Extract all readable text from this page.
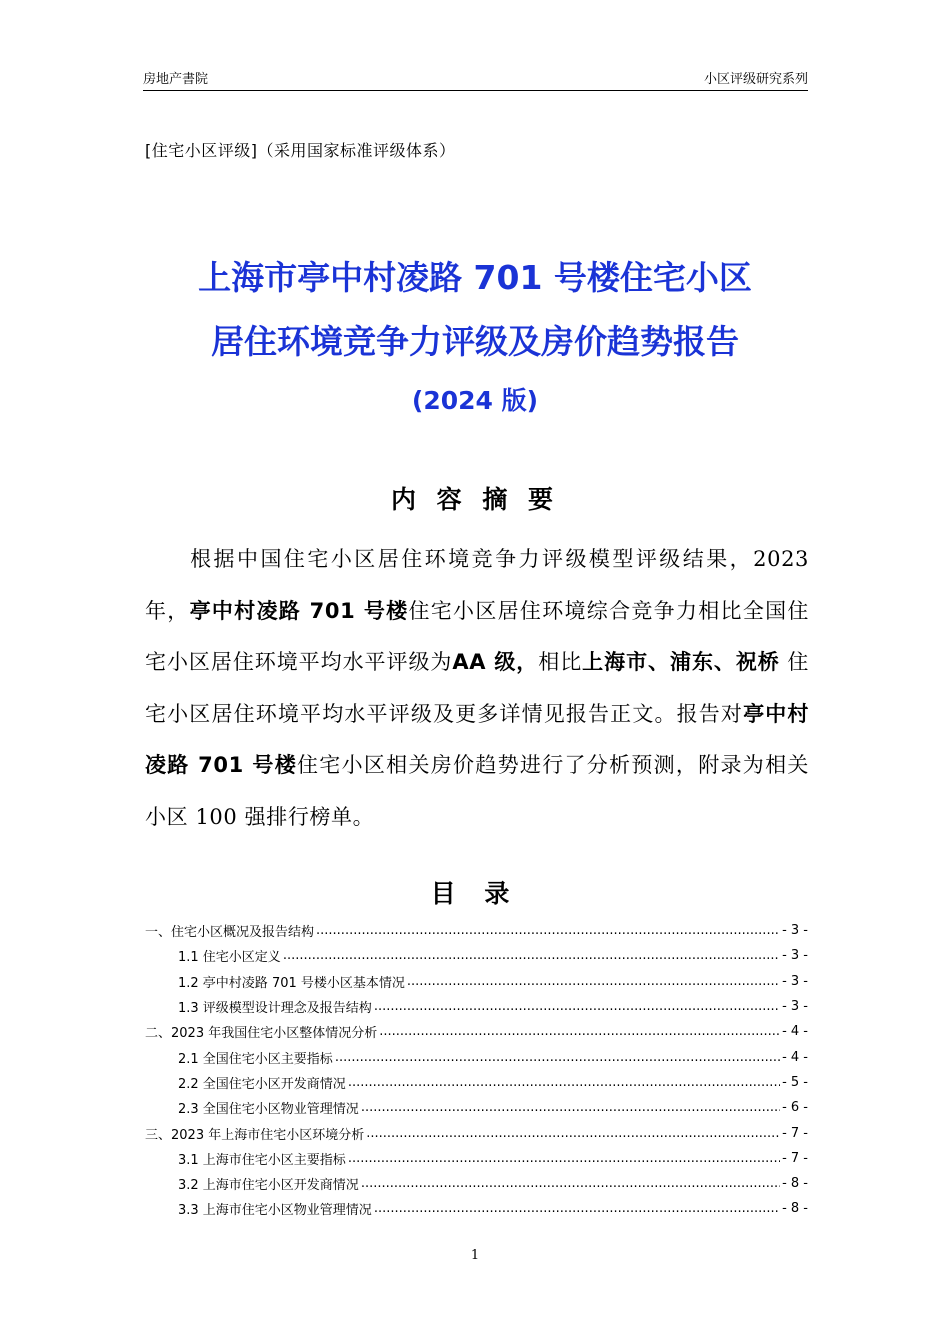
房地产書院	小区评级研究系列
[住宅小区评级]（采用国家标准评级体系）
上海市亭中村凌路 701 号楼住宅小区
居住环境竞争力评级及房价趋势报告
(2024 版)
内 容 摘 要
  根据中国住宅小区居住环境竞争力评级模型评级结果，2023 年，亭中村凌路 701 号楼住宅小区居住环境综合竞争力相比全国住宅小区居住环境平均水平评级为AA 级，相比上海市、浦东、祝桥 住宅小区居住环境平均水平评级及更多详情见报告正文。报告对亭中村凌路 701 号楼住宅小区相关房价趋势进行了分析预测，附录为相关小区 100 强排行榜单。
目 录
一、住宅小区概况及报告结构 .....	- 3 -
1.1 住宅小区定义 .....	- 3 -
1.2 亭中村凌路 701 号楼小区基本情况 .....	- 3 -
1.3 评级模型设计理念及报告结构 .....	- 3 -
二、2023 年我国住宅小区整体情况分析 .....	- 4 -
2.1 全国住宅小区主要指标 .....	- 4 -
2.2 全国住宅小区开发商情况 .....	- 5 -
2.3 全国住宅小区物业管理情况 .....	- 6 -
三、2023 年上海市住宅小区环境分析 .....	- 7 -
3.1 上海市住宅小区主要指标 .....	- 7 -
3.2 上海市住宅小区开发商情况 .....	- 8 -
3.3 上海市住宅小区物业管理情况 .....	- 8 -
1
